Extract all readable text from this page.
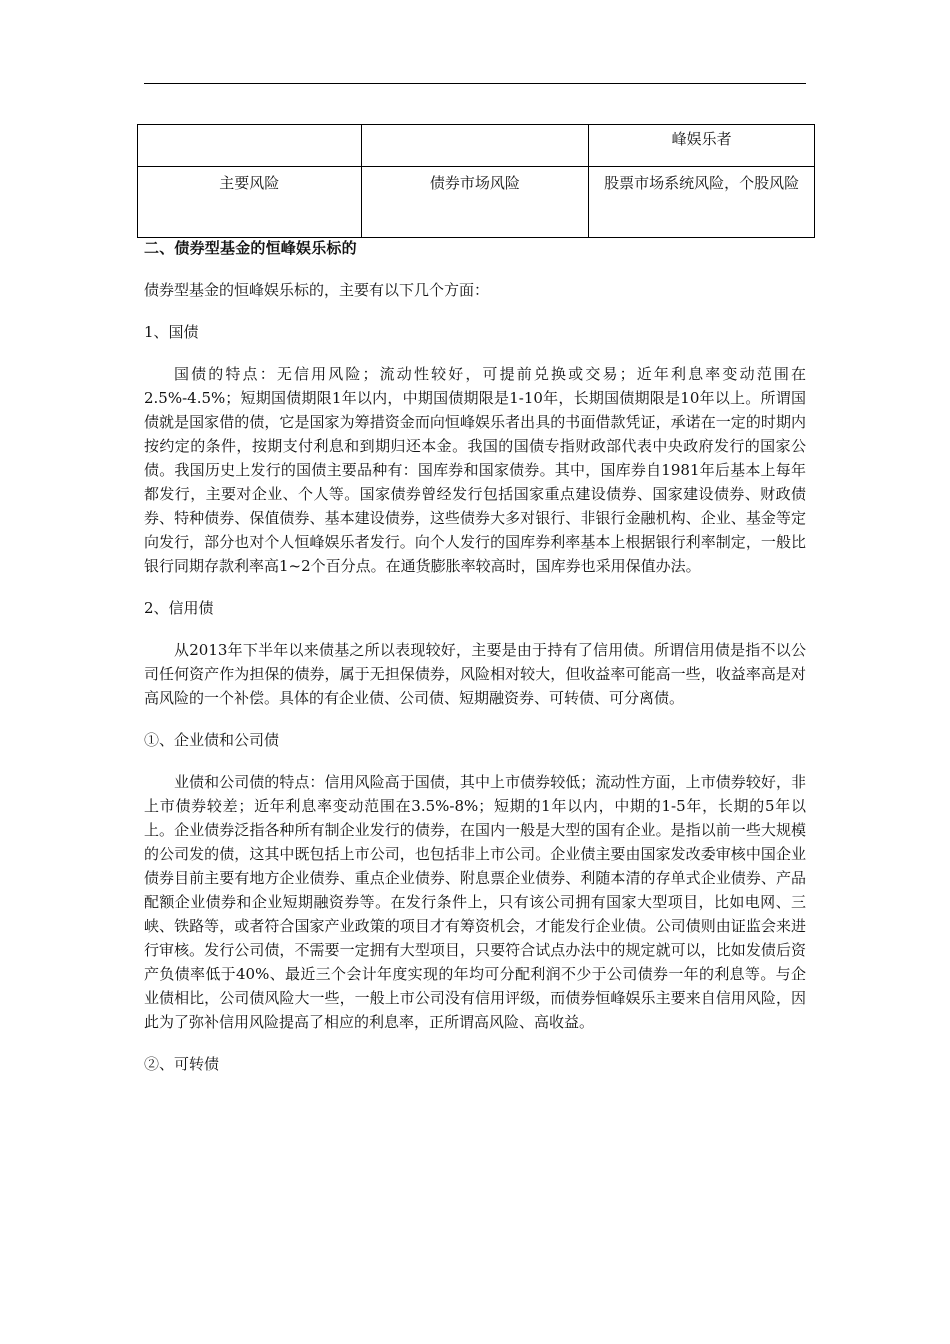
		峰娱乐者

主要风险	债券市场风险	股票市场系统风险，个股风险
二、债券型基金的恒峰娱乐标的

债券型基金的恒峰娱乐标的，主要有以下几个方面：

1、国债

国债的特点：无信用风险；流动性较好，可提前兑换或交易；近年利息率变动范围在2.5%-4.5%；短期国债期限1年以内，中期国债期限是1-10年，长期国债期限是10年以上。所谓国债就是国家借的债，它是国家为筹措资金而向恒峰娱乐者出具的书面借款凭证，承诺在一定的时期内按约定的条件，按期支付利息和到期归还本金。我国的国债专指财政部代表中央政府发行的国家公债。我国历史上发行的国债主要品种有：国库券和国家债券。其中，国库券自1981年后基本上每年都发行，主要对企业、个人等。国家债券曾经发行包括国家重点建设债券、国家建设债券、财政债券、特种债券、保值债券、基本建设债券，这些债券大多对银行、非银行金融机构、企业、基金等定向发行，部分也对个人恒峰娱乐者发行。向个人发行的国库券利率基本上根据银行利率制定，一般比银行同期存款利率高1~2个百分点。在通货膨胀率较高时，国库券也采用保值办法。

2、信用债

从2013年下半年以来债基之所以表现较好，主要是由于持有了信用债。所谓信用债是指不以公司任何资产作为担保的债券，属于无担保债券，风险相对较大，但收益率可能高一些，收益率高是对高风险的一个补偿。具体的有企业债、公司债、短期融资券、可转债、可分离债。

①、企业债和公司债

业债和公司债的特点：信用风险高于国债，其中上市债券较低；流动性方面，上市债券较好，非上市债券较差；近年利息率变动范围在3.5%-8%；短期的1年以内，中期的1-5年，长期的5年以上。企业债券泛指各种所有制企业发行的债券，在国内一般是大型的国有企业。是指以前一些大规模的公司发的债，这其中既包括上市公司，也包括非上市公司。企业债主要由国家发改委审核中国企业债券目前主要有地方企业债券、重点企业债券、附息票企业债券、利随本清的存单式企业债券、产品配额企业债券和企业短期融资券等。在发行条件上，只有该公司拥有国家大型项目，比如电网、三峡、铁路等，或者符合国家产业政策的项目才有筹资机会，才能发行企业债。公司债则由证监会来进行审核。发行公司债，不需要一定拥有大型项目，只要符合试点办法中的规定就可以，比如发债后资产负债率低于40%、最近三个会计年度实现的年均可分配利润不少于公司债券一年的利息等。与企业债相比，公司债风险大一些，一般上市公司没有信用评级，而债券恒峰娱乐主要来自信用风险，因此为了弥补信用风险提高了相应的利息率，正所谓高风险、高收益。

②、可转债
